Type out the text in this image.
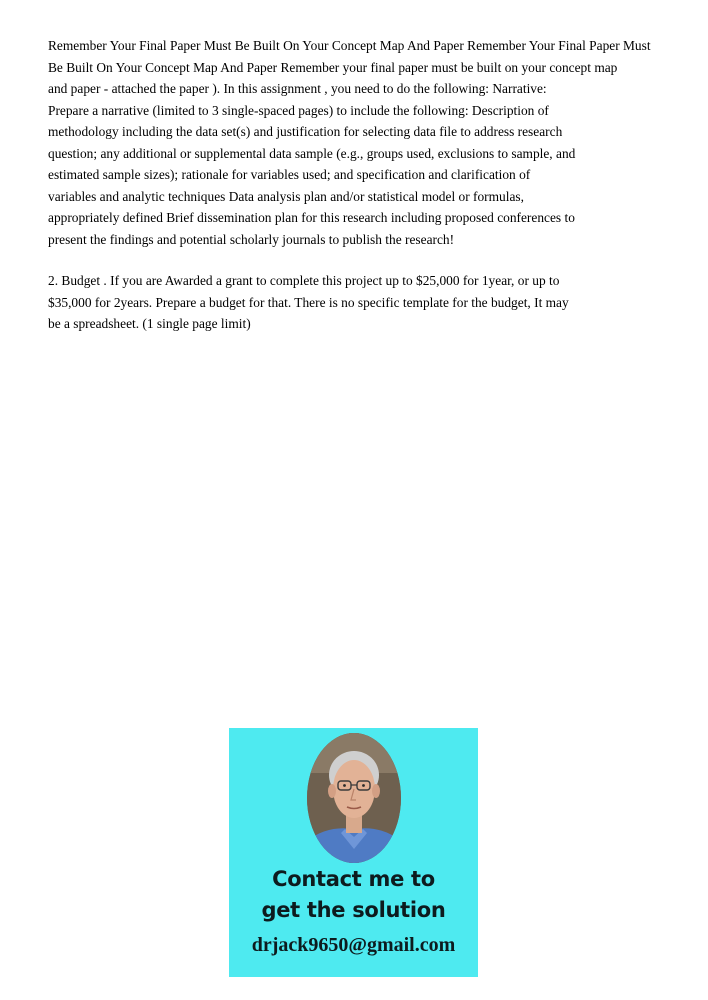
Remember Your Final Paper Must Be Built On Your Concept Map And Paper Remember Your Final Paper Must
Be Built On Your Concept Map And Paper Remember your final paper must be built on your concept map
and paper - attached the paper ). In this assignment , you need to do the following: Narrative:
Prepare a narrative (limited to 3 single-spaced pages) to include the following: Description of
methodology including the data set(s) and justification for selecting data file to address research
question; any additional or supplemental data sample (e.g., groups used, exclusions to sample, and
estimated sample sizes); rationale for variables used; and specification and clarification of
variables and analytic techniques Data analysis plan and/or statistical model or formulas,
appropriately defined Brief dissemination plan for this research including proposed conferences to
present the findings and potential scholarly journals to publish the research!
2. Budget . If you are Awarded a grant to complete this project up to $25,000 for 1year, or up to
$35,000 for 2years. Prepare a budget for that. There is no specific template for the budget, It may
be a spreadsheet. (1 single page limit)
Contact me to
get the solution
drjack9650@gmail.com
